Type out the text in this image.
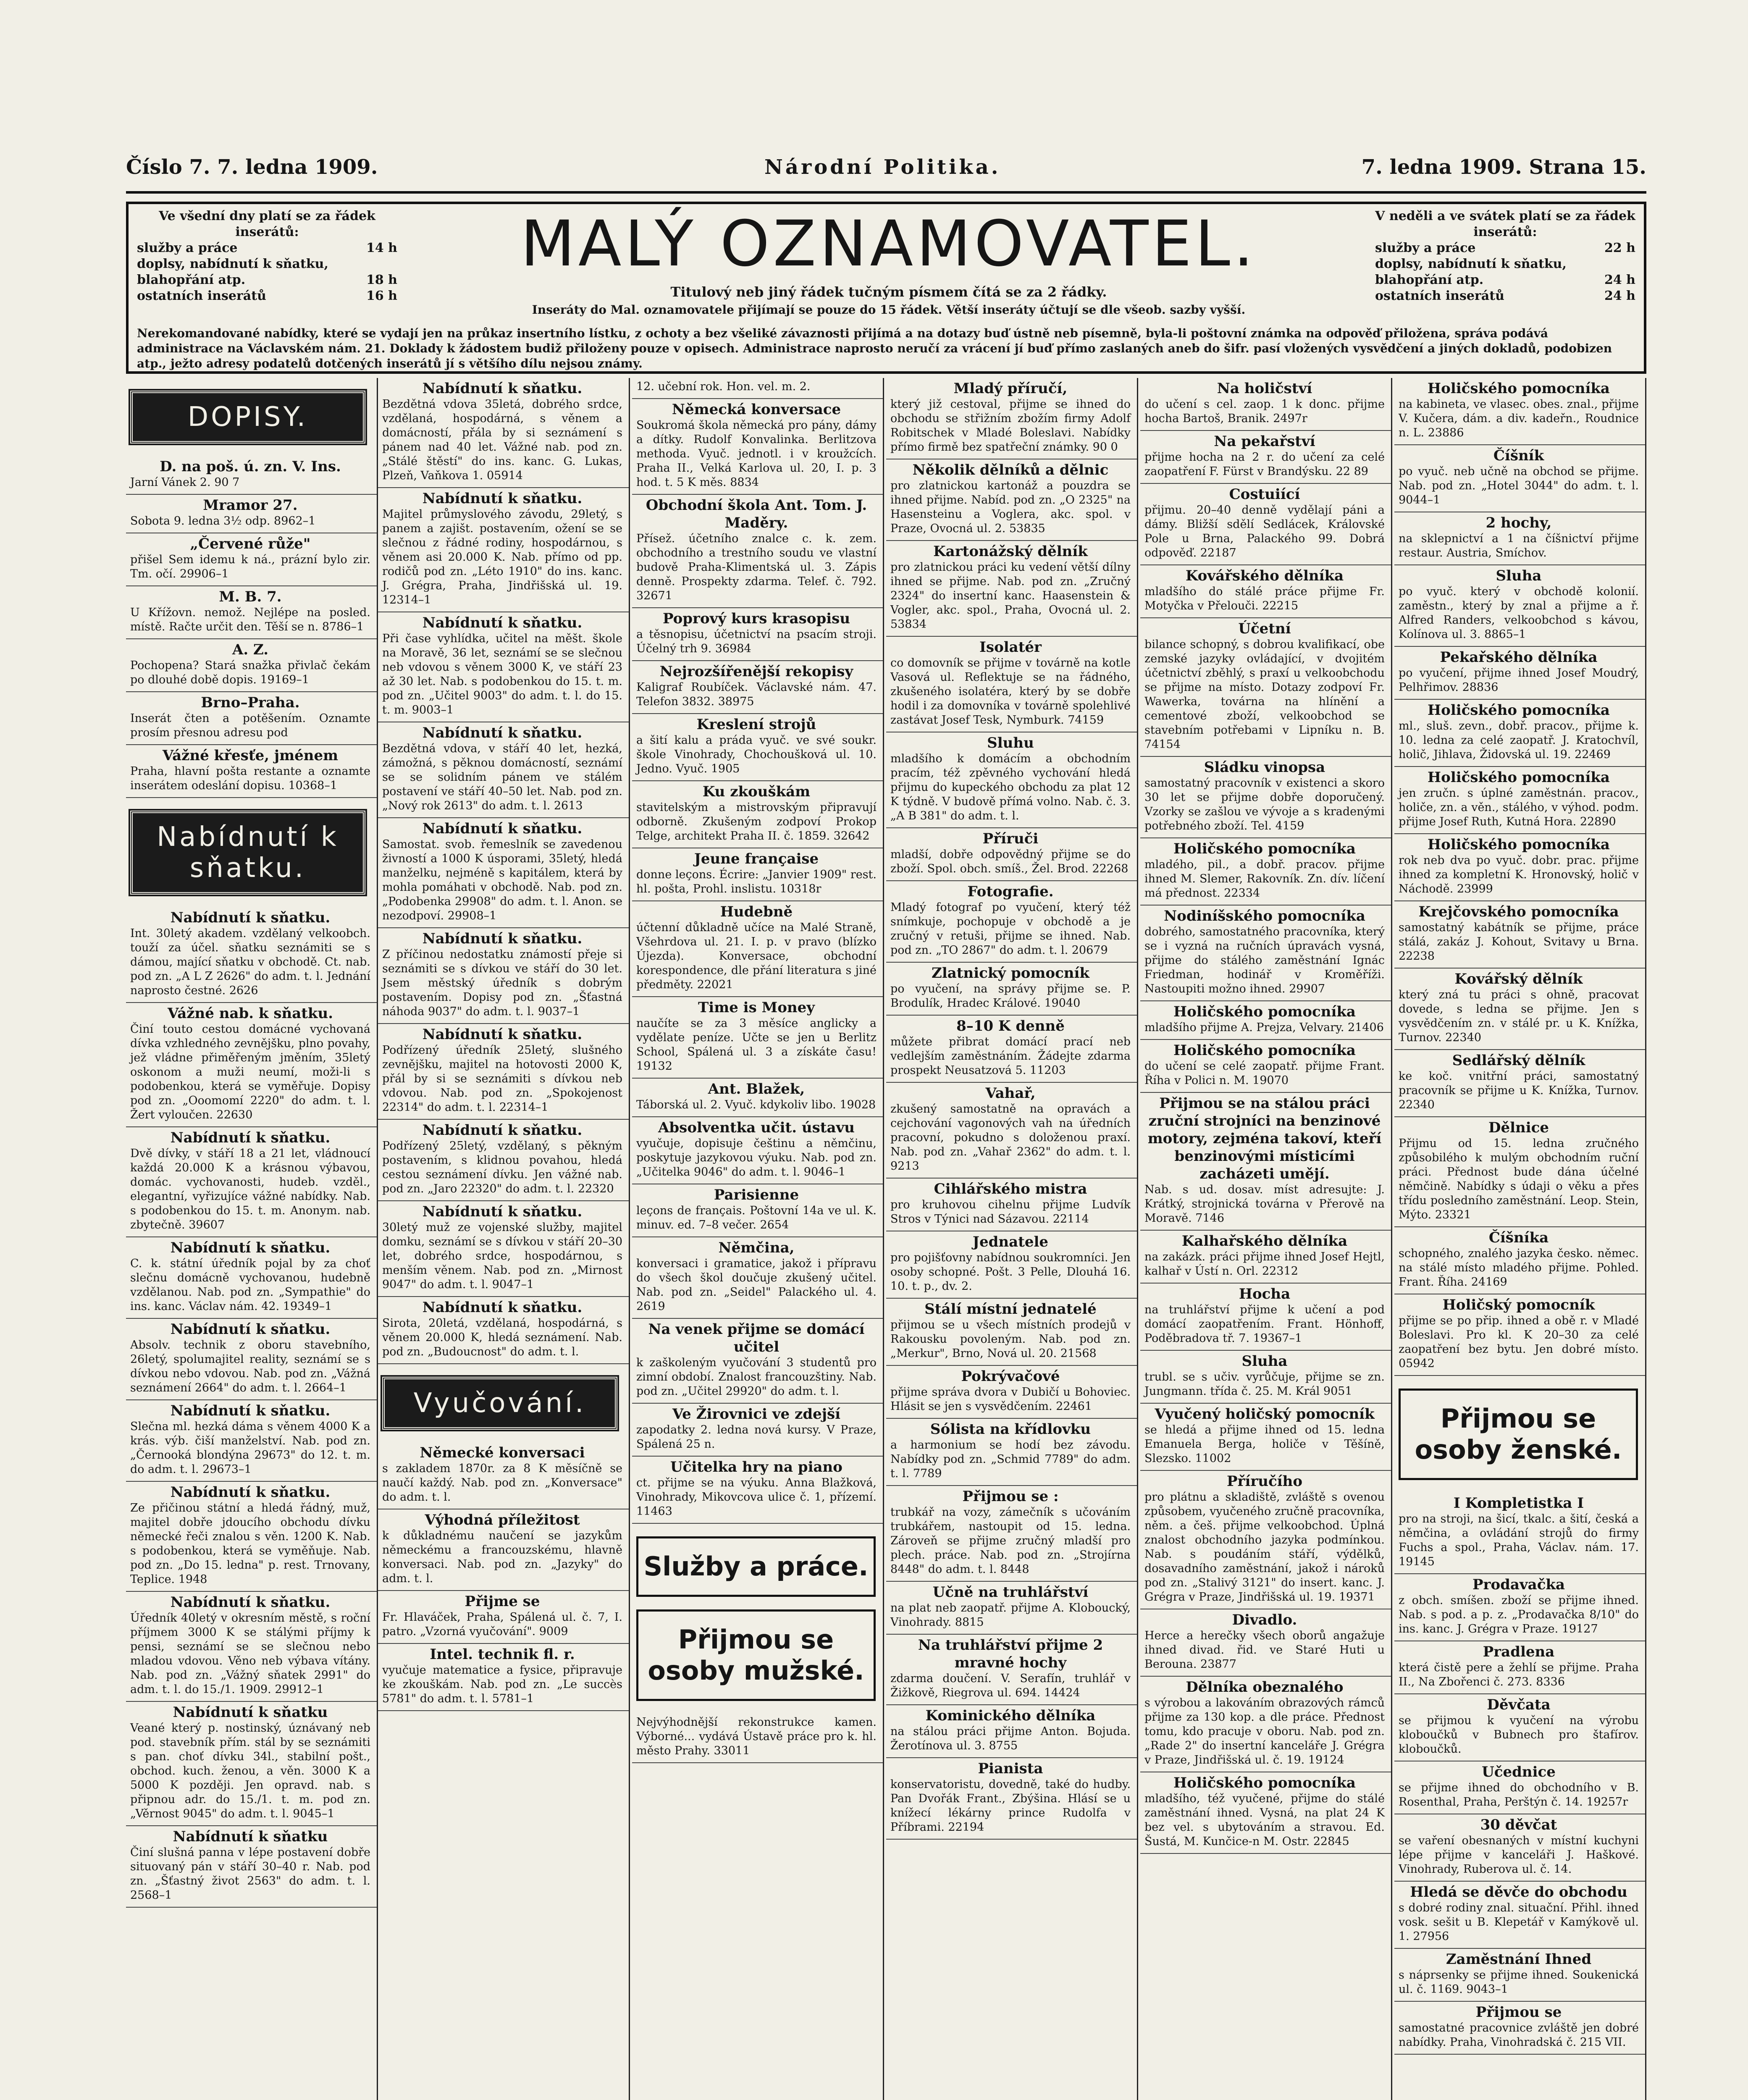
Číslo 7. 7. ledna 1909.	Národní Politika.	7. ledna 1909. Strana 15.
Ve všední dny platí se za řádek inserátů:
služby a práce	14 h
doplsy, nabídnutí k sňatku,
blahopřání atp.	18 h
ostatních inserátů	16 h
MALÝ OZNAMOVATEL.
Titulový neb jiný řádek tučným písmem čítá se za 2 řádky.
Inseráty do Mal. oznamovatele přijímají se pouze do 15 řádek. Větší inseráty účtují se dle všeob. sazby vyšší.
V neděli a ve svátek platí se za řádek inserátů:
služby a práce	22 h
doplsy, nabídnutí k sňatku,
blahopřání atp.	24 h
ostatních inserátů	24 h
Nerekomandované nabídky, které se vydají jen na průkaz insertního lístku, z ochoty a bez všeliké závaznosti přijímá a na dotazy buď ústně neb písemně, byla-li poštovní známka na odpověď přiložena, správa podává administrace na Václavském nám. 21. Doklady k žádostem budiž přiloženy pouze v opisech. Administrace naprosto neručí za vrácení jí buď přímo zaslaných aneb do šifr. pasí vložených vysvědčení a jiných dokladů, podobizen atp., ježto adresy podatelů dotčených inserátů jí s většího dílu nejsou známy.
DOPISY.
D. na poš. ú. zn. V. Ins.

Jarní Vánek 2. 90 7

Mramor 27.

Sobota 9. ledna 3½ odp. 8962–1

„Červené růže"

přišel Sem idemu k ná., prázní bylo zir. Tm. očí. 29906–1

M. B. 7.

U Křížovn. nemož. Nejlépe na posled. místě. Račte určit den. Těší se n. 8786–1

A. Z.

Pochopena? Stará snažka přivlač čekám po dlouhé době dopis. 19169–1

Brno–Praha.

Inserát čten a potěšením. Oznamte prosím přesnou adresu pod

Vážné křesťe, jménem

Praha, hlavní pošta restante a oznamte inserátem odeslání dopisu. 10368–1

Nabídnutí k sňatku.
Nabídnutí k sňatku.

Int. 30letý akadem. vzdělaný velkoobch. touží za účel. sňatku seznámiti se s dámou, mající sňatku v obchodě. Ct. nab. pod zn. „A L Z 2626" do adm. t. l. Jednání naprosto čestné. 2626

Vážné nab. k sňatku.

Činí touto cestou domácné vychovaná dívka vzhledného zevnějšku, plno povahy, jež vládne přiměřeným jměním, 35letý oskonom a muži neumí, moži-li s podobenkou, která se vyměřuje. Dopisy pod zn. „Ooomomí 2220" do adm. t. l. Žert vyloučen. 22630

Nabídnutí k sňatku.

Dvě dívky, v stáří 18 a 21 let, vládnoucí každá 20.000 K a krásnou výbavou, domác. vychovanosti, hudeb. vzděl., elegantní, vyřizujíce vážné nabídky. Nab. s podobenkou do 15. t. m. Anonym. nab. zbytečně. 39607

Nabídnutí k sňatku.

C. k. státní úředník pojal by za choť slečnu domácně vychovanou, hudebně vzdělanou. Nab. pod zn. „Sympathie" do ins. kanc. Václav nám. 42. 19349–1

Nabídnutí k sňatku.

Absolv. technik z oboru stavebního, 26letý, spolumajitel reality, seznámí se s dívkou nebo vdovou. Nab. pod zn. „Vážná seznámení 2664" do adm. t. l. 2664–1

Nabídnutí k sňatku.

Slečna ml. hezká dáma s věnem 4000 K a krás. výb. čiší manželství. Nab. pod zn. „Černooká blondýna 29673" do 12. t. m. do adm. t. l. 29673–1

Nabídnutí k sňatku.

Ze přičinou státní a hledá řádný, muž, majitel dobře jdoucího obchodu dívku německé řeči znalou s věn. 1200 K. Nab. s podobenkou, která se vyměňuje. Nab. pod zn. „Do 15. ledna" p. rest. Trnovany, Teplice. 1948

Nabídnutí k sňatku.

Úředník 40letý v okresním městě, s roční příjmem 3000 K se stálými příjmy k pensi, seznámí se se slečnou nebo mladou vdovou. Věno neb výbava vítány. Nab. pod zn. „Vážný sňatek 2991" do adm. t. l. do 15./1. 1909. 29912–1

Nabídnutí k sňatku

Veané který p. nostinský, úznávaný neb pod. stavebník přím. stál by se seznámiti s pan. choť dívku 34l., stabilní pošt., obchod. kuch. ženou, a věn. 3000 K a 5000 K později. Jen opravd. nab. s připnou adr. do 15./1. t. m. pod zn. „Věrnost 9045" do adm. t. l. 9045–1

Nabídnutí k sňatku

Činí slušná panna v lépe postavení dobře situovaný pán v stáří 30–40 r. Nab. pod zn. „Šťastný život 2563" do adm. t. l. 2568–1

Nabídnutí k sňatku.

Bezdětná vdova 35letá, dobrého srdce, vzdělaná, hospodárná, s věnem a domácností, přála by si seznámení s pánem nad 40 let. Vážné nab. pod zn. „Stálé štěstí" do ins. kanc. G. Lukas, Plzeň, Vaňkova 1. 05914

Nabídnutí k sňatku.

Majitel průmyslového závodu, 29letý, s panem a zajišt. postavením, ožení se se slečnou z řádné rodiny, hospodárnou, s věnem asi 20.000 K. Nab. přímo od pp. rodičů pod zn. „Léto 1910" do ins. kanc. J. Grégra, Praha, Jindřišská ul. 19. 12314–1

Nabídnutí k sňatku.

Při čase vyhlídka, učitel na měšt. škole na Moravě, 36 let, seznámí se se slečnou neb vdovou s věnem 3000 K, ve stáří 23 až 30 let. Nab. s podobenkou do 15. t. m. pod zn. „Učitel 9003" do adm. t. l. do 15. t. m. 9003–1

Nabídnutí k sňatku.

Bezdětná vdova, v stáří 40 let, hezká, zámožná, s pěknou domácností, seznámí se se solidním pánem ve stálém postavení ve stáří 40–50 let. Nab. pod zn. „Nový rok 2613" do adm. t. l. 2613

Nabídnutí k sňatku.

Samostat. svob. řemeslník se zavedenou živností a 1000 K úsporami, 35letý, hledá manželku, nejméně s kapitálem, která by mohla pomáhati v obchodě. Nab. pod zn. „Podobenka 29908" do adm. t. l. Anon. se nezodpoví. 29908–1

Nabídnutí k sňatku.

Z příčinou nedostatku známostí přeje si seznámiti se s dívkou ve stáří do 30 let. Jsem městský úředník s dobrým postavením. Dopisy pod zn. „Šťastná náhoda 9037" do adm. t. l. 9037–1

Nabídnutí k sňatku.

Podřízený úředník 25letý, slušného zevnějšku, majitel na hotovosti 2000 K, přál by si se seznámiti s dívkou neb vdovou. Nab. pod zn. „Spokojenost 22314" do adm. t. l. 22314–1

Nabídnutí k sňatku.

Podřízený 25letý, vzdělaný, s pěkným postavením, s klidnou povahou, hledá cestou seznámení dívku. Jen vážné nab. pod zn. „Jaro 22320" do adm. t. l. 22320

Nabídnutí k sňatku.

30letý muž ze vojenské služby, majitel domku, seznámí se s dívkou v stáří 20–30 let, dobrého srdce, hospodárnou, s menším věnem. Nab. pod zn. „Mirnost 9047" do adm. t. l. 9047–1

Nabídnutí k sňatku.

Sirota, 20letá, vzdělaná, hospodárná, s věnem 20.000 K, hledá seznámení. Nab. pod zn. „Budoucnost" do adm. t. l.

Vyučování.
Německé konversaci

s zakladem 1870r. za 8 K měsíčně se naučí každý. Nab. pod zn. „Konversace" do adm. t. l.

Výhodná příležitost

k důkladnému naučení se jazykům německému a francouzskému, hlavně konversaci. Nab. pod zn. „Jazyky" do adm. t. l.

Přijme se

Fr. Hlaváček, Praha, Spálená ul. č. 7, I. patro. „Vzorná vyučování". 9009

Intel. technik fl. r.

vyučuje matematice a fysice, připravuje ke zkouškám. Nab. pod zn. „Le succès 5781" do adm. t. l. 5781–1

12. učební rok. Hon. vel. m. 2.

Německá konversace

Soukromá škola německá pro pány, dámy a dítky. Rudolf Konvalinka. Berlitzova methoda. Vyuč. jednotl. i v kroužcích. Praha II., Velká Karlova ul. 20, I. p. 3 hod. t. 5 K měs. 8834

Obchodní škola Ant. Tom. J. Maděry.

Přísež. účetního znalce c. k. zem. obchodního a trestního soudu ve vlastní budově Praha-Klimentská ul. 3. Zápis denně. Prospekty zdarma. Telef. č. 792. 32671

Poprový kurs krasopisu

a těsnopisu, účetnictví na psacím stroji. Účelný trh 9. 36984

Nejrozšířenější rekopisy

Kaligraf Roubíček. Václavské nám. 47. Telefon 3832. 38975

Kreslení strojů

a šití kalu a práda vyuč. ve své soukr. škole Vinohrady, Chochoušková ul. 10. Jedno. Vyuč. 1905

Ku zkouškám

stavitelským a mistrovským připravují odborně. Zkušeným zodpoví Prokop Telge, architekt Praha II. č. 1859. 32642

Jeune française

donne leçons. Écrire: „Janvier 1909" rest. hl. pošta, Prohl. inslistu. 10318r

Hudebně

účtenní důkladně učíce na Malé Straně, Všehrdova ul. 21. I. p. v pravo (blízko Újezda). Konversace, obchodní korespondence, dle přání literatura s jiné předměty. 22021

Time is Money

naučíte se za 3 měsíce anglicky a vydělate peníze. Učte se jen u Berlitz School, Spálená ul. 3 a získáte času! 19132

Ant. Blažek,

Táborská ul. 2. Vyuč. kdykoliv libo. 19028

Absolventka učit. ústavu

vyučuje, dopisuje češtinu a němčinu, poskytuje jazykovou výuku. Nab. pod zn. „Učitelka 9046" do adm. t. l. 9046–1

Parisienne

leçons de français. Poštovní 14a ve ul. K. minuv. ed. 7–8 večer. 2654

Němčina,

konversaci i gramatice, jakož i přípravu do všech škol doučuje zkušený učitel. Nab. pod zn. „Seidel" Palackého ul. 4. 2619

Na venek přijme se domácí učitel

k zaškoleným vyučování 3 studentů pro zimní období. Znalost francouzštiny. Nab. pod zn. „Učitel 29920" do adm. t. l.

Ve Žirovnici ve zdejší

zapodatky 2. ledna nová kursy. V Praze, Spálená 25 n.

Učitelka hry na piano

ct. přijme se na výuku. Anna Blažková, Vinohrady, Mikovcova ulice č. 1, přízemí. 11463

Služby a práce.
Přijmou se osoby mužské.

Nejvýhodnější rekonstrukce kamen. Výborné... vydává Ústavě práce pro k. hl. město Prahy. 33011

Mladý příručí,

který již cestoval, přijme se ihned do obchodu se střižním zbožím firmy Adolf Robitschek v Mladé Boleslavi. Nabídky přímo firmě bez spatřeční známky. 90 0

Několik dělníků a dělnic

pro zlatnickou kartonáž a pouzdra se ihned přijme. Nabíd. pod zn. „O 2325" na Hasensteinu a Voglera, akc. spol. v Praze, Ovocná ul. 2. 53835

Kartonážský dělník

pro zlatnickou práci ku vedení větší dílny ihned se přijme. Nab. pod zn. „Zručný 2324" do insertní kanc. Haasenstein & Vogler, akc. spol., Praha, Ovocná ul. 2. 53834

Isolatér

co domovník se přijme v továrně na kotle Vasová ul. Reflektuje se na řádného, zkušeného isolatéra, který by se dobře hodil i za domovníka v továrně spolehlivé zastávat Josef Tesk, Nymburk. 74159

Sluhu

mladšího k domácím a obchodním pracím, též zpěvného vychování hledá přijmu do kupeckého obchodu za plat 12 K týdně. V budově přímá volno. Nab. č. 3. „A B 381" do adm. t. l.

Příruči

mladší, dobře odpovědný přijme se do zboží. Spol. obch. smíš., Žel. Brod. 22268

Fotografie.

Mladý fotograf po vyučení, který též snímkuje, pochopuje v obchodě a je zručný v retuši, přijme se ihned. Nab. pod zn. „TO 2867" do adm. t. l. 20679

Zlatnický pomocník

po vyučení, na správy přijme se. P. Brodulík, Hradec Králové. 19040

8–10 K denně

můžete přibrat domácí prací neb vedlejším zaměstnáním. Žádejte zdarma prospekt Neusatzová 5. 11203

Vahař,

zkušený samostatně na opravách a cejchování vagonových vah na úředních pracovní, pokudno s doloženou praxí. Nab. pod zn. „Vahař 2362" do adm. t. l. 9213

Cihlářského mistra

pro kruhovou cihelnu přijme Ludvík Stros v Týnici nad Sázavou. 22114

Jednatele

pro pojišťovny nabídnou soukromníci. Jen osoby schopné. Pošt. 3 Pelle, Dlouhá 16. 10. t. p., dv. 2.

Stálí místní jednatelé

přijmou se u všech místních prodejů v Rakousku povoleným. Nab. pod zn. „Merkur", Brno, Nová ul. 20. 21568

Pokrývačové

přijme správa dvora v Dubičí u Bohoviec. Hlásit se jen s vysvědčením. 22461

Sólista na křídlovku

a harmonium se hodí bez závodu. Nabídky pod zn. „Schmid 7789" do adm. t. l. 7789

Přijmou se :

trubkář na vozy, zámečník s učováním trubkářem, nastoupit od 15. ledna. Zároveň se přijme zručný mladší pro plech. práce. Nab. pod zn. „Strojírna 8448" do adm. t. l. 8448

Učně na truhlářství

na plat neb zaopatř. přijme A. Kloboucký, Vinohrady. 8815

Na truhlářství přijme 2 mravné hochy

zdarma doučení. V. Serafín, truhlář v Žižkově, Riegrova ul. 694. 14424

Kominického dělníka

na stálou práci přijme Anton. Bojuda. Žerotínova ul. 3. 8755

Pianista

konservatoristu, dovedně, také do hudby. Pan Dvořák Frant., Zbýšina. Hlásí se u knížecí lékárny prince Rudolfa v Příbrami. 22194

Na holičství

do učení s cel. zaop. 1 k donc. přijme hocha Bartoš, Branik. 2497r

Na pekařství

přijme hocha na 2 r. do učení za celé zaopatření F. Fürst v Brandýsku. 22 89

Costuiící

přijmu. 20–40 denně vydělají páni a dámy. Bližší sdělí Sedlácek, Královské Pole u Brna, Palackého 99. Dobrá odpověď. 22187

Kovářského dělníka

mladšího do stálé práce přijme Fr. Motyčka v Přelouči. 22215

Účetní

bilance schopný, s dobrou kvalifikací, obe zemské jazyky ovládající, v dvojitém účetnictví zběhlý, s praxí u velkoobchodu se přijme na místo. Dotazy zodpoví Fr. Wawerka, továrna na hlínění a cementové zboží, velkoobchod se stavebním potřebami v Lipníku n. B. 74154

Sládku vinopsa

samostatný pracovník v existenci a skoro 30 let se přijme dobře doporučený. Vzorky se zašlou ve vývoje a s kradenými potřebného zboží. Tel. 4159

Holičského pomocníka

mladého, pil., a dobř. pracov. přijme ihned M. Slemer, Rakovník. Zn. dív. líčení má přednost. 22334

Nodiníšského pomocníka

dobrého, samostatného pracovníka, který se i vyzná na ručních úpravách vysná, přijme do stálého zaměstnání Ignác Friedman, hodinář v Kroměříži. Nastoupiti možno ihned. 29907

Holičského pomocníka

mladšího přijme A. Prejza, Velvary. 21406

Holičského pomocníka

do učení se celé zaopatř. přijme Frant. Říha v Polici n. M. 19070

Přijmou se na stálou práci zruční strojníci na benzinové motory, zejména takoví, kteří benzinovými místicími zacházeti umějí.

Nab. s ud. dosav. míst adresujte: J. Krátký, strojnická továrna v Přerově na Moravě. 7146

Kalhařského dělníka

na zakázk. práci přijme ihned Josef Hejtl, kalhař v Ústí n. Orl. 22312

Hocha

na truhlářství přijme k učení a pod domácí zaopatřením. Frant. Hönhoff, Poděbradova tř. 7. 19367–1

Sluha

trubl. se s učiv. vyrůčuje, přijme se zn. Jungmann. třída č. 25. M. Král 9051

Vyučený holičský pomocník

se hledá a přijme ihned od 15. ledna Emanuela Berga, holiče v Těšíně, Slezsko. 11002

Příručího

pro plátnu a skladiště, zvláště s ovenou způsobem, vyučeného zručně pracovníka, něm. a češ. přijme velkoobchod. Úplná znalost obchodního jazyka podmínkou. Nab. s poudáním stáří, výdělků, dosavadního zaměstnání, jakož i nároků pod zn. „Stalivý 3121" do insert. kanc. J. Grégra v Praze, Jindřišská ul. 19. 19371

Divadlo.

Herce a herečky všech oborů angažuje ihned divad. řid. ve Staré Huti u Berouna. 23877

Dělníka obeznalého

s výrobou a lakováním obrazových rámců přijme za 130 kop. a dle práce. Přednost tomu, kdo pracuje v oboru. Nab. pod zn. „Rade 2" do insertní kanceláře J. Grégra v Praze, Jindřišská ul. č. 19. 19124

Holičského pomocníka

mladšího, též vyučené, přijme do stálé zaměstnání ihned. Vysná, na plat 24 K bez vel. s ubytováním a stravou. Ed. Šustá, M. Kunčice-n M. Ostr. 22845

Holičského pomocníka

na kabineta, ve vlasec. obes. znal., přijme V. Kučera, dám. a div. kadeřn., Roudnice n. L. 23886

Číšník

po vyuč. neb učně na obchod se přijme. Nab. pod zn. „Hotel 3044" do adm. t. l. 9044–1

2 hochy,

na sklepnictví a 1 na číšnictví přijme restaur. Austria, Smíchov.

Sluha

po vyuč. který v obchodě kolonií. zaměstn., který by znal a přijme a ř. Alfred Randers, velkoobchod s kávou, Kolínova ul. 3. 8865–1

Pekařského dělníka

po vyučení, přijme ihned Josef Moudrý, Pelhřimov. 28836

Holičského pomocníka

ml., sluš. zevn., dobř. pracov., přijme k. 10. ledna za celé zaopatř. J. Kratochvíl, holič, Jihlava, Židovská ul. 19. 22469

Holičského pomocníka

jen zručn. s úplné zaměstnán. pracov., holiče, zn. a věn., stálého, v výhod. podm. přijme Josef Ruth, Kutná Hora. 22890

Holičského pomocníka

rok neb dva po vyuč. dobr. prac. přijme ihned za kompletní K. Hronovský, holič v Náchodě. 23999

Krejčovského pomocníka

samostatný kabátník se přijme, práce stálá, zakáz J. Kohout, Svitavy u Brna. 22238

Kovářský dělník

který zná tu práci s ohně, pracovat dovede, s ledna se přijme. Jen s vysvědčením zn. v stálé pr. u K. Knížka, Turnov. 22340

Sedlářský dělník

ke koč. vnitřní práci, samostatný pracovník se přijme u K. Knížka, Turnov. 22340

Dělnice

Přijmu od 15. ledna zručného způsobilého k mulým obchodním ruční práci. Přednost bude dána účelné němčině. Nabídky s údaji o věku a přes třídu posledního zaměstnání. Leop. Stein, Mýto. 23321

Číšníka

schopného, znalého jazyka česko. němec. na stálé místo mladého přijme. Pohled. Frant. Říha. 24169

Holičský pomocník

přijme se po přip. ihned a obě r. v Mladé Boleslavi. Pro kl. K 20–30 za celé zaopatření bez bytu. Jen dobré místo. 05942

Přijmou se osoby ženské.
I Kompletistka I

pro na stroji, na šicí, tkalc. a šití, česká a němčina, a ovládání strojů do firmy Fuchs a spol., Praha, Václav. nám. 17. 19145

Prodavačka

z obch. smíšen. zboží se přijme ihned. Nab. s pod. a p. z. „Prodavačka 8/10" do ins. kanc. J. Grégra v Praze. 19127

Pradlena

která čistě pere a žehlí se přijme. Praha II., Na Zbořenci č. 273. 8336

Děvčata

se přijmou k vyučení na výrobu kloboučků v Bubnech pro štafírov. kloboučků.

Učednice

se přijme ihned do obchodního v B. Rosenthal, Praha, Perštýn č. 14. 19257r

30 děvčat

se vaření obesnaných v místní kuchyni lépe přijme v kanceláři J. Haškové. Vinohrady, Ruberova ul. č. 14.

Hledá se děvče do obchodu

s dobré rodiny znal. situační. Přihl. ihned vosk. sešit u B. Klepetář v Kamýkově ul. 1. 27956

Zaměstnání Ihned

s náprsenky se přijme ihned. Soukenická ul. č. 1169. 9043–1

Přijmou se

samostatné pracovnice zvláště jen dobré nabídky. Praha, Vinohradská č. 215 VII.
